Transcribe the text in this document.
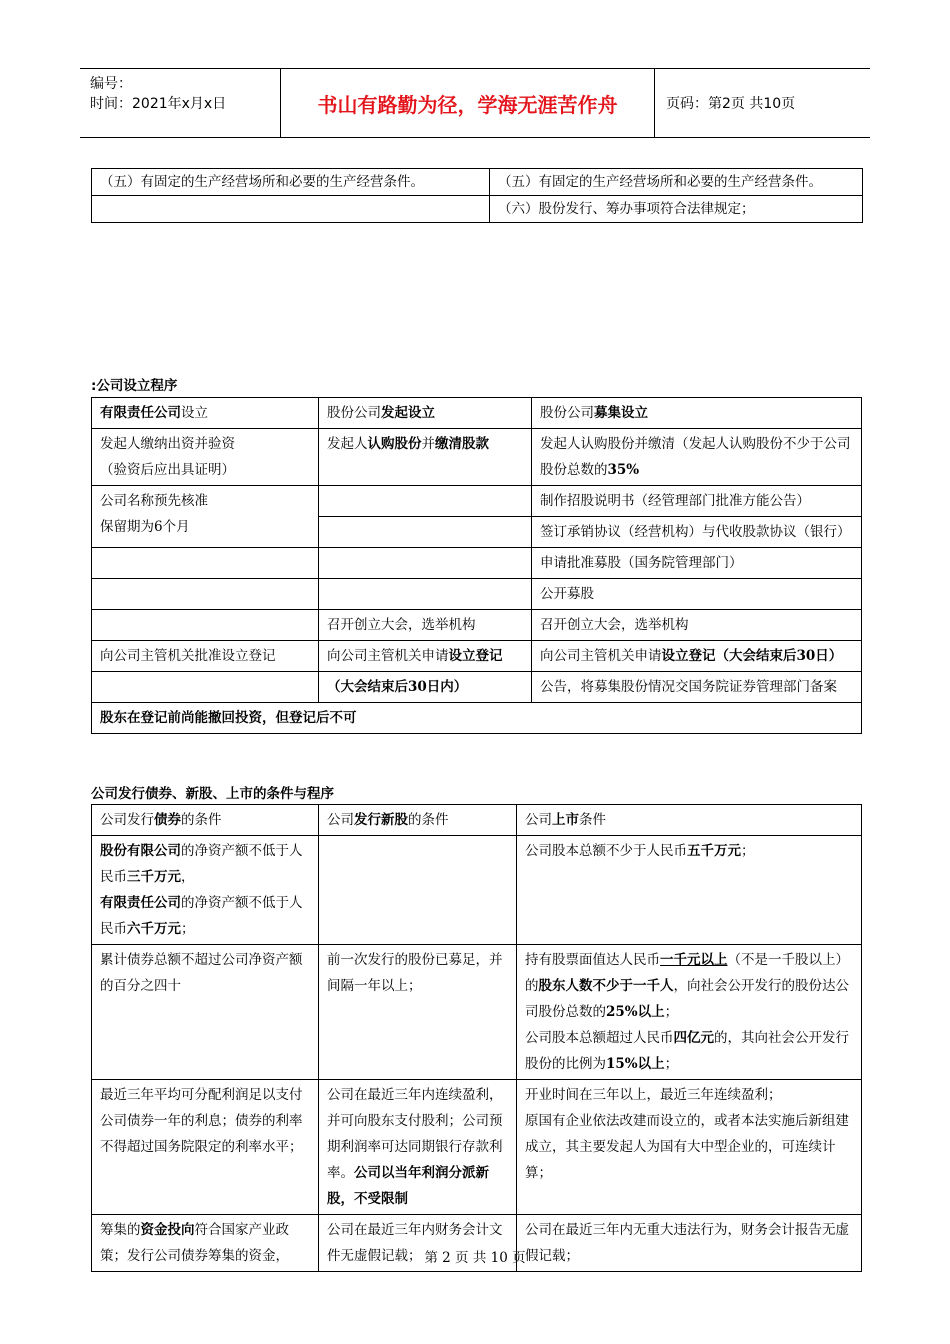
编号：
时间：2021年x月x日	书山有路勤为径，学海无涯苦作舟	页码：第2页 共10页
（五）有固定的生产经营场所和必要的生产经营条件。	（五）有固定的生产经营场所和必要的生产经营条件。
	（六）股份发行、筹办事项符合法律规定；
:公司设立程序
有限责任公司设立	股份公司发起设立	股份公司募集设立

发起人缴纳出资并验资
（验资后应出具证明）	发起人认购股份并缴清股款	发起人认购股份并缴清（发起人认购股份不少于公司股份总数的35%

公司名称预先核准
保留期为6个月		制作招股说明书（经管理部门批准方能公告）
		签订承销协议（经营机构）与代收股款协议（银行）
		申请批准募股（国务院管理部门）
		公开募股
	召开创立大会，选举机构	召开创立大会，选举机构
向公司主管机关批准设立登记	向公司主管机关申请设立登记	向公司主管机关申请设立登记（大会结束后30日）
	（大会结束后30日内）	公告，将募集股份情况交国务院证券管理部门备案
股东在登记前尚能撤回投资，但登记后不可		
公司发行债券、新股、上市的条件与程序
公司发行债券的条件	公司发行新股的条件	公司上市条件
股份有限公司的净资产额不低于人民币三千万元，
有限责任公司的净资产额不低于人民币六千万元；		公司股本总额不少于人民币五千万元；
累计债券总额不超过公司净资产额的百分之四十	前一次发行的股份已募足，并间隔一年以上；	持有股票面值达人民币一千元以上（不是一千股以上）的股东人数不少于一千人，向社会公开发行的股份达公司股份总数的25%以上；
公司股本总额超过人民币四亿元的，其向社会公开发行股份的比例为15%以上；
最近三年平均可分配利润足以支付公司债券一年的利息；债券的利率不得超过国务院限定的利率水平；	公司在最近三年内连续盈利，并可向股东支付股利；公司预期利润率可达同期银行存款利率。公司以当年利润分派新股，不受限制	开业时间在三年以上，最近三年连续盈利；
原国有企业依法改建而设立的，或者本法实施后新组建成立，其主要发起人为国有大中型企业的，可连续计算；

筹集的资金投向符合国家产业政策；发行公司债券筹集的资金，	公司在最近三年内财务会计文件无虚假记载；	公司在最近三年内无重大违法行为，财务会计报告无虚假记载；
第 2 页 共 10 页
